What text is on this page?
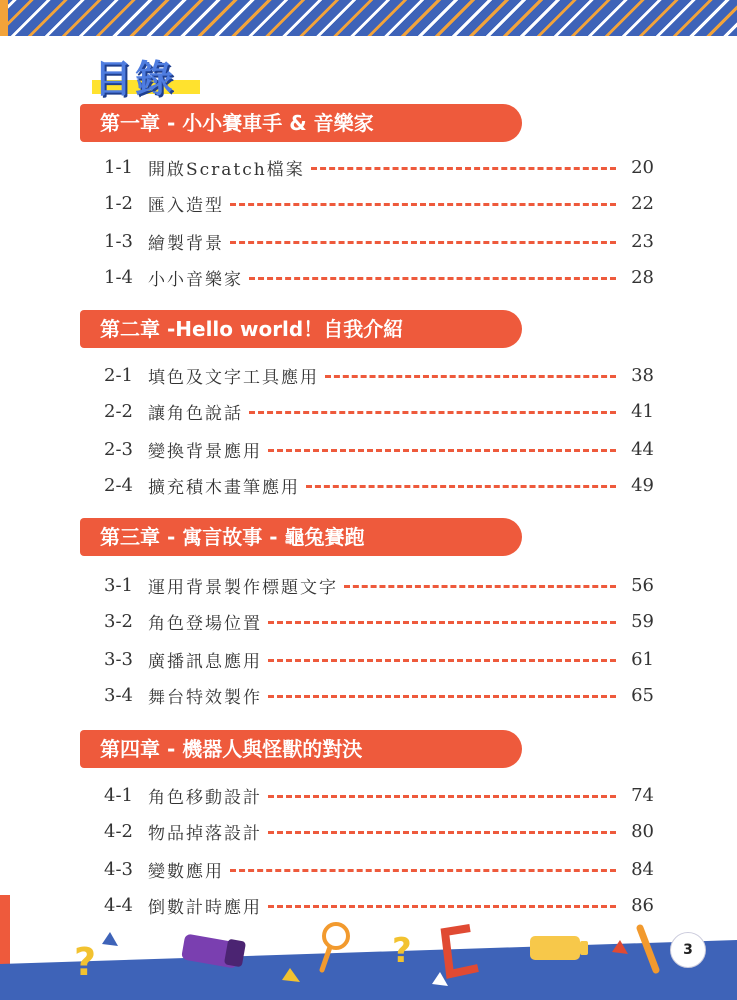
目錄
第一章 - 小小賽車手 & 音樂家
1-1 開啟Scratch檔案	20
1-2 匯入造型	22
1-3 繪製背景	23
1-4 小小音樂家	28
第二章 -Hello world！自我介紹
2-1 填色及文字工具應用	38
2-2 讓角色說話	41
2-3 變換背景應用	44
2-4 擴充積木畫筆應用	49
第三章 - 寓言故事 - 龜兔賽跑
3-1 運用背景製作標題文字	56
3-2 角色登場位置	59
3-3 廣播訊息應用	61
3-4 舞台特效製作	65
第四章 - 機器人與怪獸的對決
4-1 角色移動設計	74
4-2 物品掉落設計	80
4-3 變數應用	84
4-4 倒數計時應用	86
?	?	3
